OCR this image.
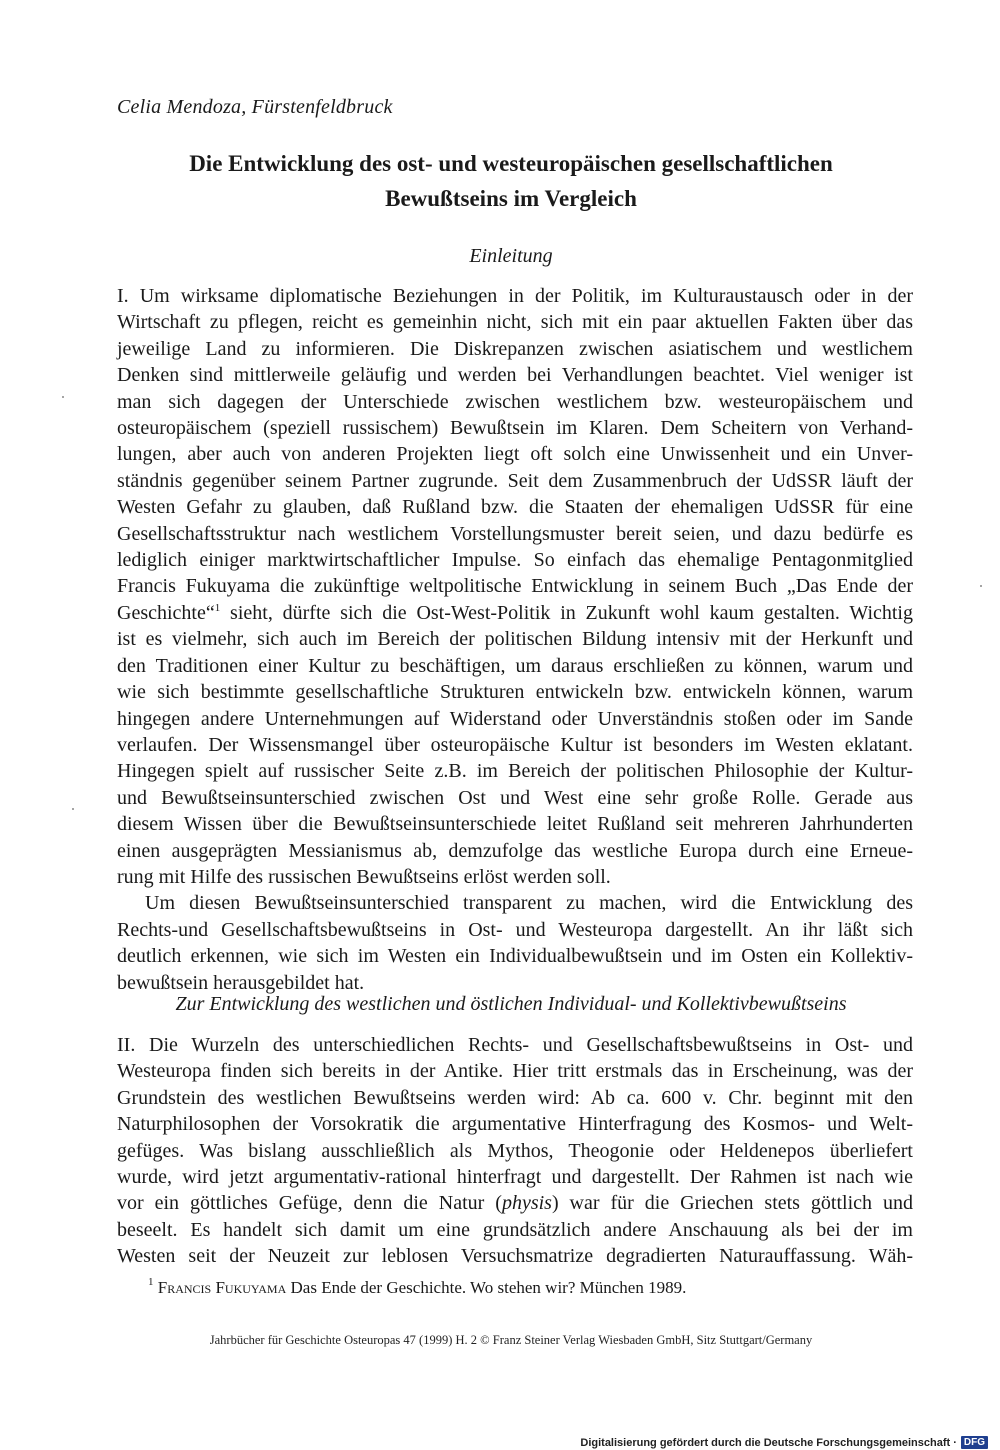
Celia Mendoza, Fürstenfeldbruck
Die Entwicklung des ost- und westeuropäischen gesellschaftlichen
Bewußtseins im Vergleich
Einleitung
I. Um wirksame diplomatische Beziehungen in der Politik, im Kulturaustausch oder in der
Wirtschaft zu pflegen, reicht es gemeinhin nicht, sich mit ein paar aktuellen Fakten über das
jeweilige Land zu informieren. Die Diskrepanzen zwischen asiatischem und westlichem
Denken sind mittlerweile geläufig und werden bei Verhandlungen beachtet. Viel weniger ist
man sich dagegen der Unterschiede zwischen westlichem bzw. westeuropäischem und
osteuropäischem (speziell russischem) Bewußtsein im Klaren. Dem Scheitern von Verhand-
lungen, aber auch von anderen Projekten liegt oft solch eine Unwissenheit und ein Unver-
ständnis gegenüber seinem Partner zugrunde. Seit dem Zusammenbruch der UdSSR läuft der
Westen Gefahr zu glauben, daß Rußland bzw. die Staaten der ehemaligen UdSSR für eine
Gesellschaftsstruktur nach westlichem Vorstellungsmuster bereit seien, und dazu bedürfe es
lediglich einiger marktwirtschaftlicher Impulse. So einfach das ehemalige Pentagonmitglied
Francis Fukuyama die zukünftige weltpolitische Entwicklung in seinem Buch „Das Ende der
Geschichte“$^1$ sieht, dürfte sich die Ost-West-Politik in Zukunft wohl kaum gestalten. Wichtig
ist es vielmehr, sich auch im Bereich der politischen Bildung intensiv mit der Herkunft und
den Traditionen einer Kultur zu beschäftigen, um daraus erschließen zu können, warum und
wie sich bestimmte gesellschaftliche Strukturen entwickeln bzw. entwickeln können, warum
hingegen andere Unternehmungen auf Widerstand oder Unverständnis stoßen oder im Sande
verlaufen. Der Wissensmangel über osteuropäische Kultur ist besonders im Westen eklatant.
Hingegen spielt auf russischer Seite z.B. im Bereich der politischen Philosophie der Kultur-
und Bewußtseinsunterschied zwischen Ost und West eine sehr große Rolle. Gerade aus
diesem Wissen über die Bewußtseinsunterschiede leitet Rußland seit mehreren Jahrhunderten
einen ausgeprägten Messianismus ab, demzufolge das westliche Europa durch eine Erneue-
rung mit Hilfe des russischen Bewußtseins erlöst werden soll.
Um diesen Bewußtseinsunterschied transparent zu machen, wird die Entwicklung des
Rechts-und Gesellschaftsbewußtseins in Ost- und Westeuropa dargestellt. An ihr läßt sich
deutlich erkennen, wie sich im Westen ein Individualbewußtsein und im Osten ein Kollektiv-
bewußtsein herausgebildet hat.
Zur Entwicklung des westlichen und östlichen Individual- und Kollektivbewußtseins
II. Die Wurzeln des unterschiedlichen Rechts- und Gesellschaftsbewußtseins in Ost- und
Westeuropa finden sich bereits in der Antike. Hier tritt erstmals das in Erscheinung, was der
Grundstein des westlichen Bewußtseins werden wird: Ab ca. 600 v. Chr. beginnt mit den
Naturphilosophen der Vorsokratik die argumentative Hinterfragung des Kosmos- und Welt-
gefüges. Was bislang ausschließlich als Mythos, Theogonie oder Heldenepos überliefert
wurde, wird jetzt argumentativ-rational hinterfragt und dargestellt. Der Rahmen ist nach wie
vor ein göttliches Gefüge, denn die Natur (physis) war für die Griechen stets göttlich und
beseelt. Es handelt sich damit um eine grundsätzlich andere Anschauung als bei der im
Westen seit der Neuzeit zur leblosen Versuchsmatrize degradierten Naturauffassung. Wäh-
$^1$ Francis Fukuyama Das Ende der Geschichte. Wo stehen wir? München 1989.
Jahrbücher für Geschichte Osteuropas 47 (1999) H. 2 © Franz Steiner Verlag Wiesbaden GmbH, Sitz Stuttgart/Germany
Digitalisierung gefördert durch die Deutsche Forschungsgemeinschaft · DFG
